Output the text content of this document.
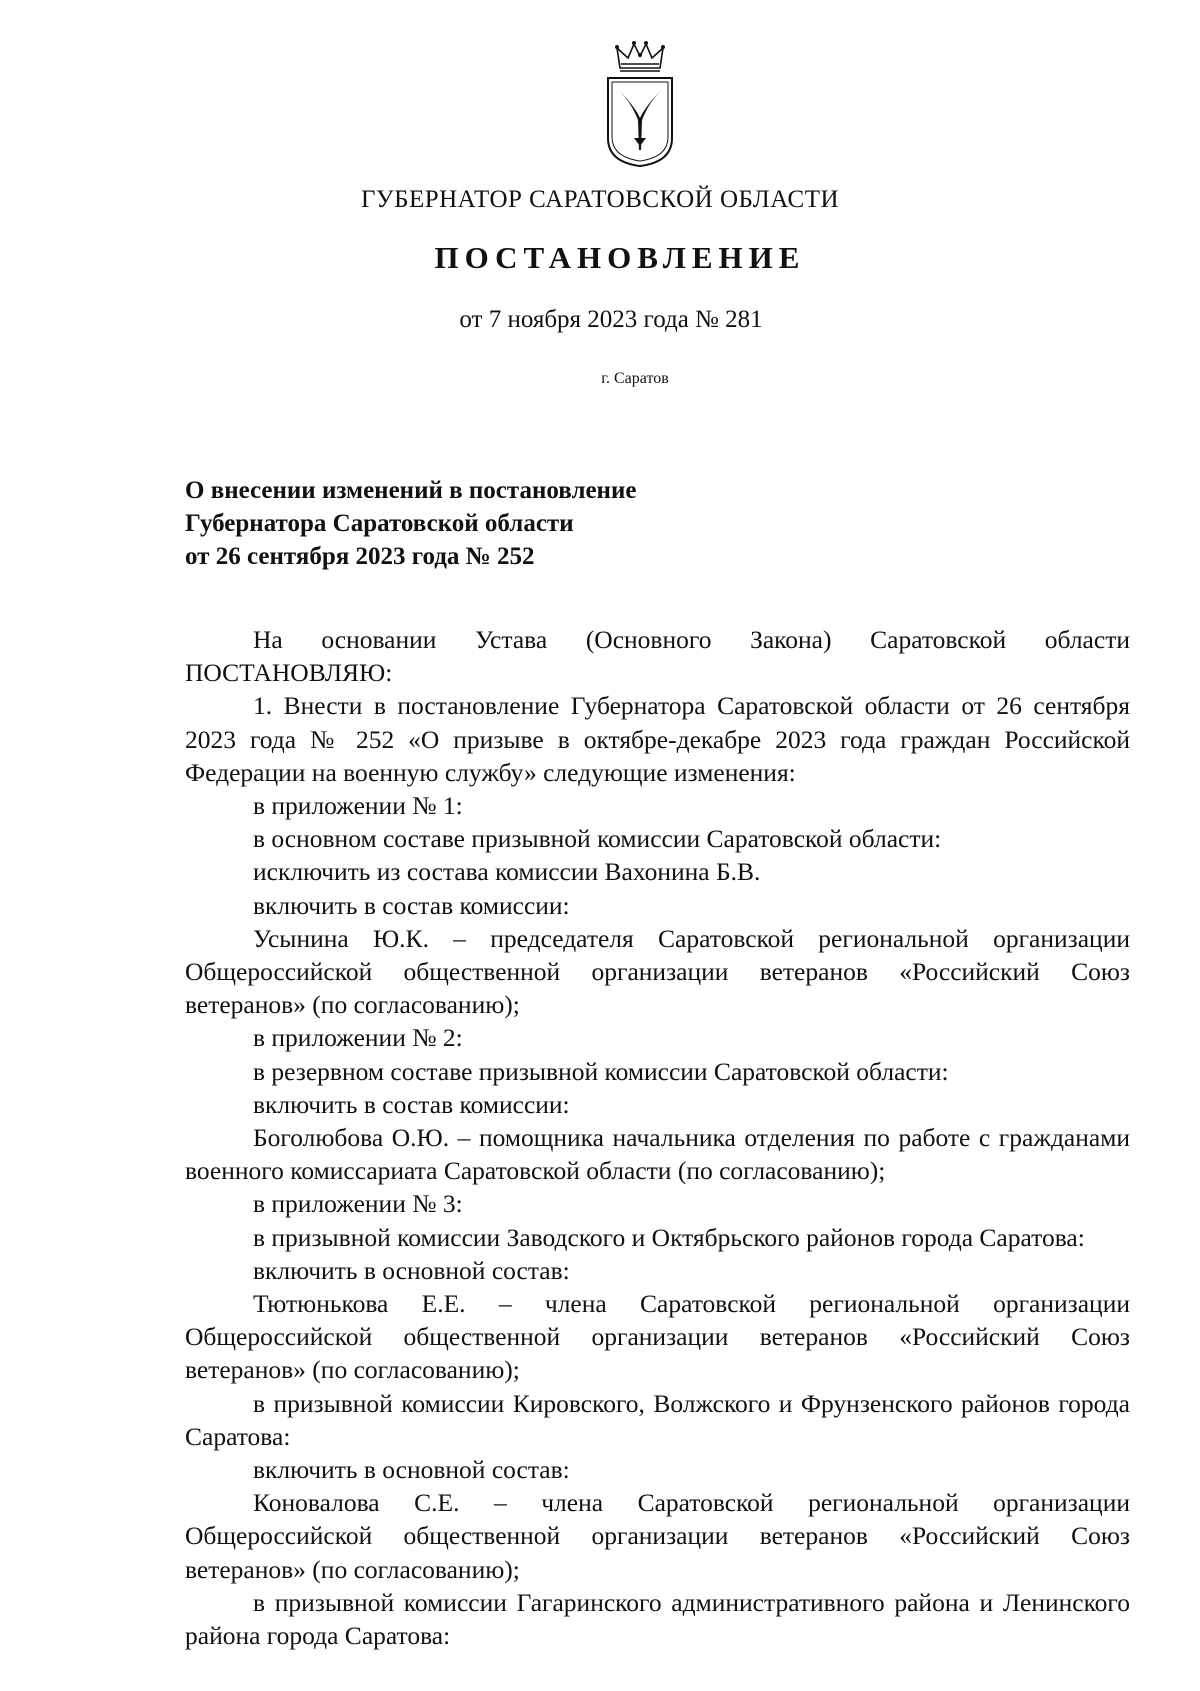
ГУБЕРНАТОР САРАТОВСКОЙ ОБЛАСТИ
ПОСТАНОВЛЕНИЕ
от 7 ноября 2023 года № 281
г. Саратов
О внесении изменений в постановление
Губернатора Саратовской области
от 26 сентября 2023 года № 252

На основании Устава (Основного Закона) Саратовской области ПОСТАНОВЛЯЮ:

1. Внести в постановление Губернатора Саратовской области от 26 сентября 2023 года № 252 «О призыве в октябре-декабре 2023 года граждан Российской Федерации на военную службу» следующие изменения:

в приложении № 1:

в основном составе призывной комиссии Саратовской области:

исключить из состава комиссии Вахонина Б.В.

включить в состав комиссии:

Усынина Ю.К. – председателя Саратовской региональной организации Общероссийской общественной организации ветеранов «Российский Союз ветеранов» (по согласованию);

в приложении № 2:

в резервном составе призывной комиссии Саратовской области:

включить в состав комиссии:

Боголюбова О.Ю. – помощника начальника отделения по работе с гражданами военного комиссариата Саратовской области (по согласованию);

в приложении № 3:

в призывной комиссии Заводского и Октябрьского районов города Саратова:

включить в основной состав:

Тютюнькова Е.Е. – члена Саратовской региональной организации Общероссийской общественной организации ветеранов «Российский Союз ветеранов» (по согласованию);

в призывной комиссии Кировского, Волжского и Фрунзенского районов города Саратова:

включить в основной состав:

Коновалова С.Е. – члена Саратовской региональной организации Общероссийской общественной организации ветеранов «Российский Союз ветеранов» (по согласованию);

в призывной комиссии Гагаринского административного района и Ленинского района города Саратова:
